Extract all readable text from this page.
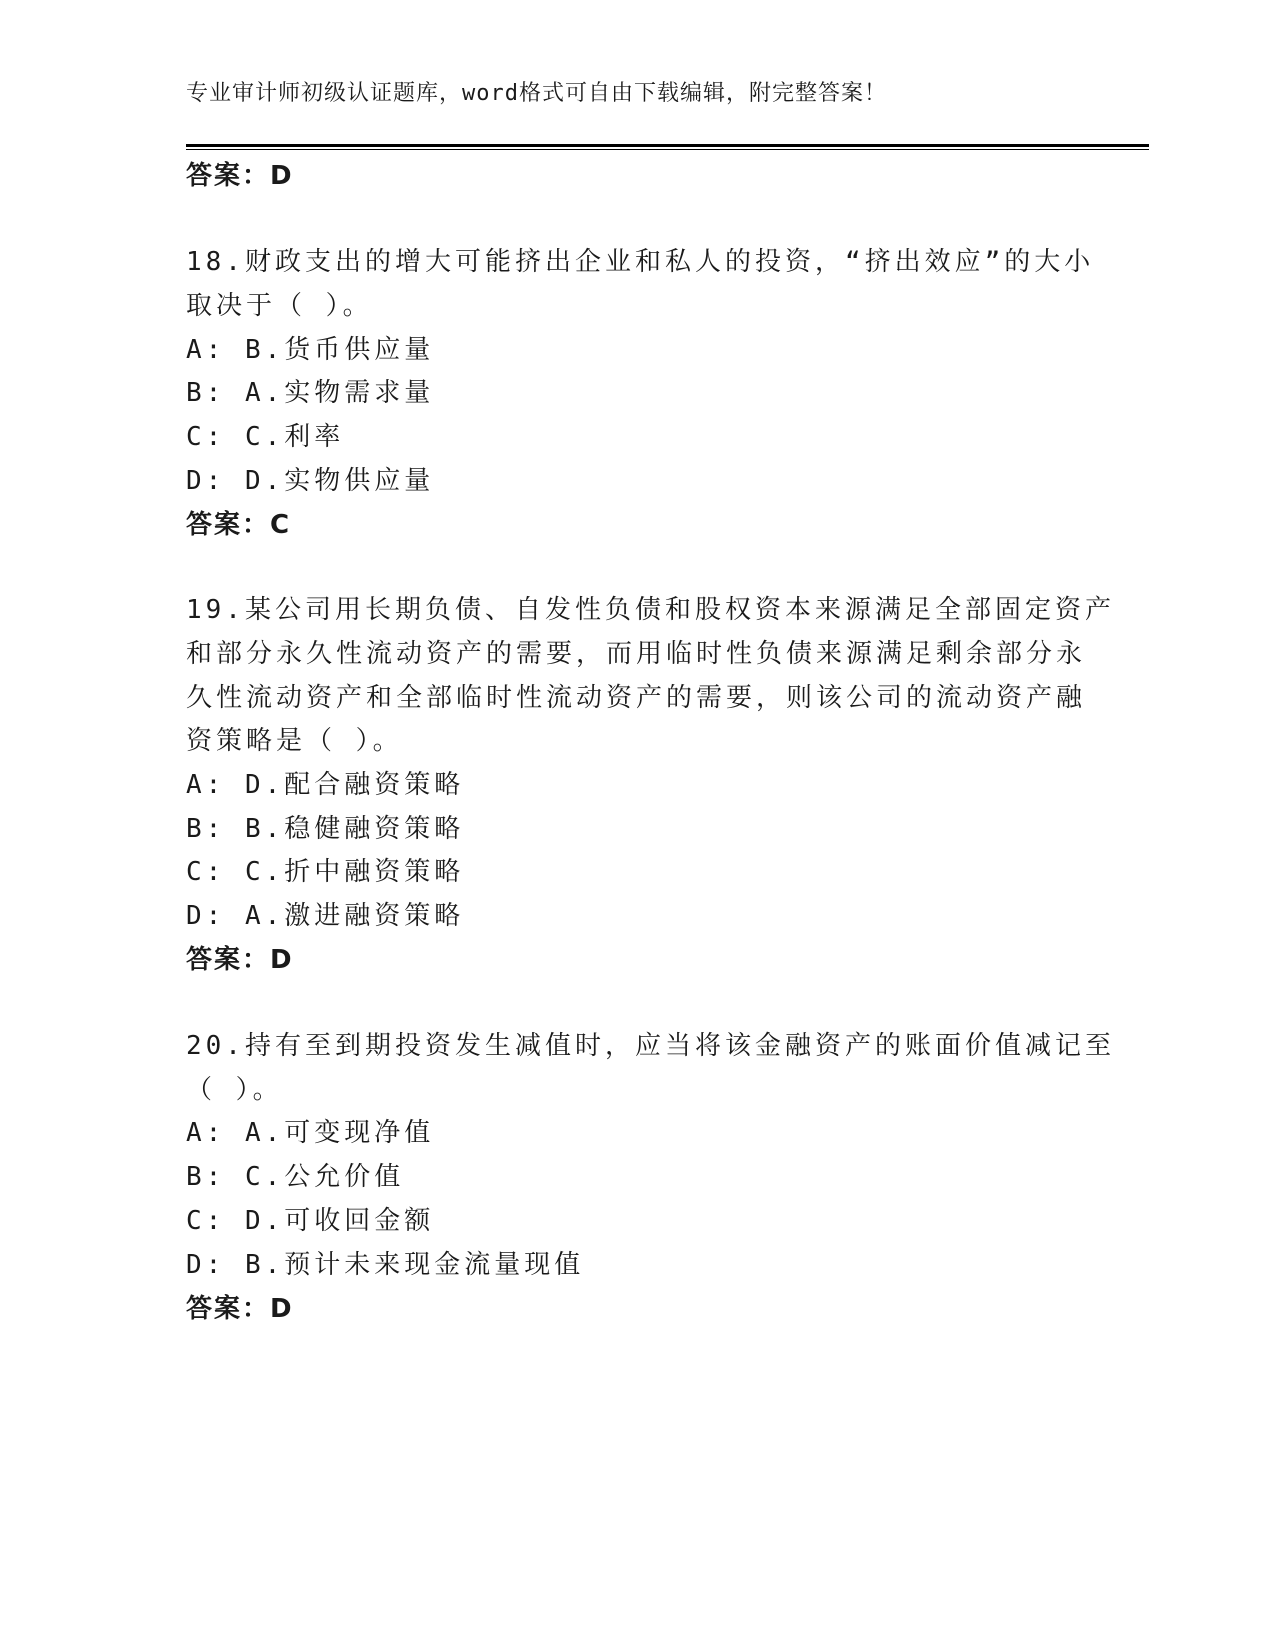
专业审计师初级认证题库，word格式可自由下载编辑，附完整答案！
答案：D
18.财政支出的增大可能挤出企业和私人的投资，“挤出效应”的大小
取决于（ ）。
A: B.货币供应量
B: A.实物需求量
C: C.利率
D: D.实物供应量
答案：C
19.某公司用长期负债、自发性负债和股权资本来源满足全部固定资产
和部分永久性流动资产的需要，而用临时性负债来源满足剩余部分永
久性流动资产和全部临时性流动资产的需要，则该公司的流动资产融
资策略是（ ）。
A: D.配合融资策略
B: B.稳健融资策略
C: C.折中融资策略
D: A.激进融资策略
答案：D
20.持有至到期投资发生减值时，应当将该金融资产的账面价值减记至
（ ）。
A: A.可变现净值
B: C.公允价值
C: D.可收回金额
D: B.预计未来现金流量现值
答案：D
